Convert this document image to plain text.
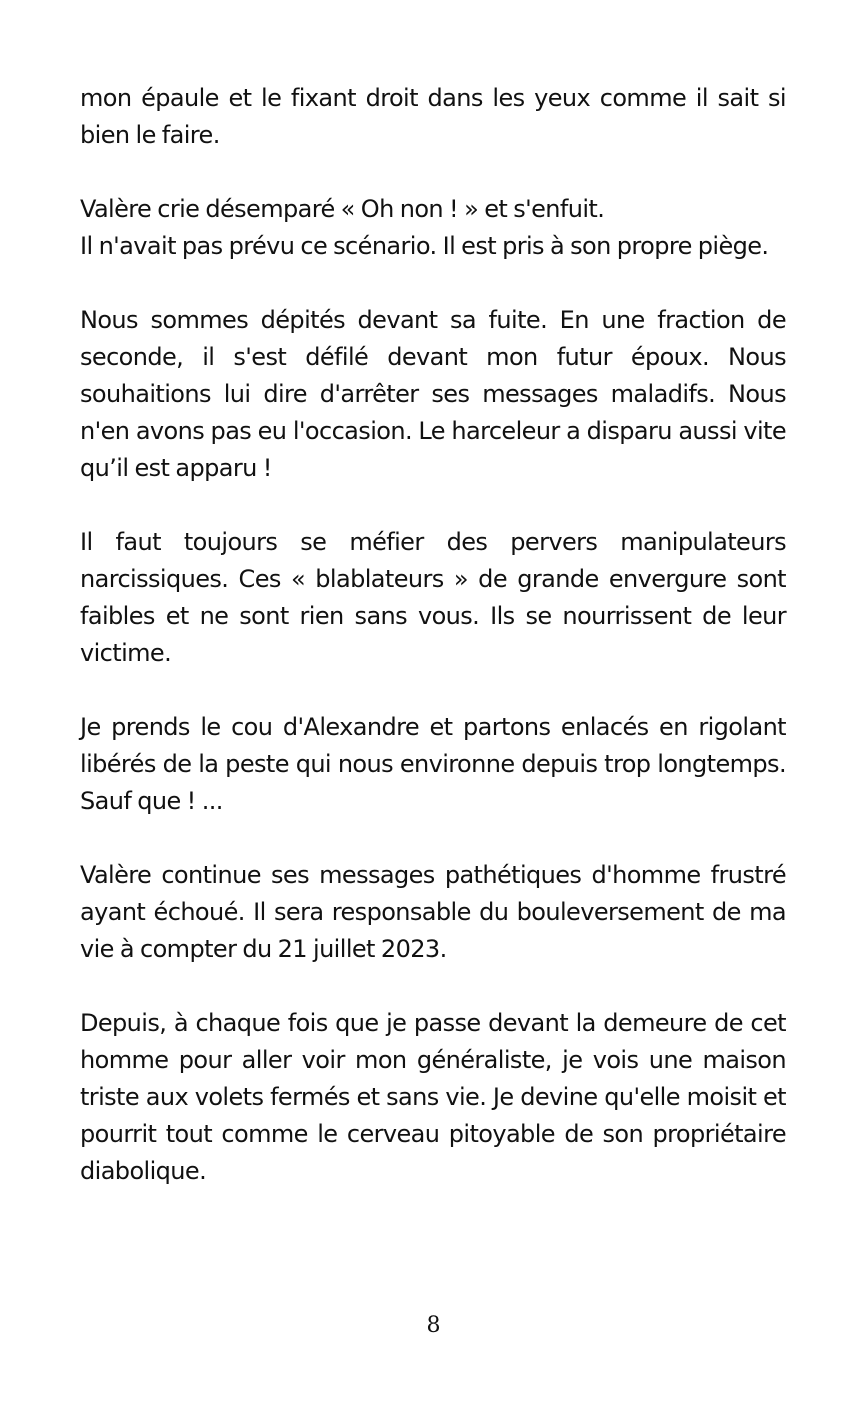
mon épaule et le fixant droit dans les yeux comme il sait si bien le faire.

Valère crie désemparé « Oh non ! » et s'enfuit.
Il n'avait pas prévu ce scénario. Il est pris à son propre piège.

Nous sommes dépités devant sa fuite. En une fraction de seconde, il s'est défilé devant mon futur époux. Nous souhaitions lui dire d'arrêter ses messages maladifs. Nous n'en avons pas eu l'occasion. Le harceleur a disparu aussi vite qu’il est apparu !

Il faut toujours se méfier des pervers manipulateurs narcissiques. Ces « blablateurs » de grande envergure sont faibles et ne sont rien sans vous. Ils se nourrissent de leur victime.

Je prends le cou d'Alexandre et partons enlacés en rigolant libérés de la peste qui nous environne depuis trop longtemps. Sauf que ! ...

Valère continue ses messages pathétiques d'homme frustré ayant échoué. Il sera responsable du bouleversement de ma vie à compter du 21 juillet 2023.

Depuis, à chaque fois que je passe devant la demeure de cet homme pour aller voir mon généraliste, je vois une maison triste aux volets fermés et sans vie. Je devine qu'elle moisit et pourrit tout comme le cerveau pitoyable de son propriétaire diabolique.

8
